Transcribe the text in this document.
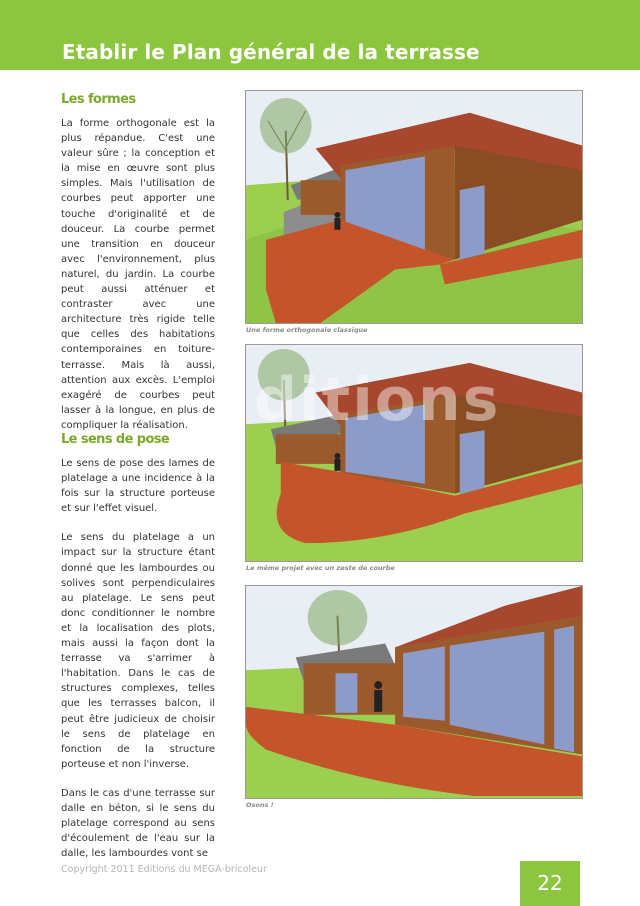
Etablir le Plan général de la terrasse
Les formes

La forme orthogonale est la plus répandue. C'est une valeur sûre ; la conception et la mise en œuvre sont plus simples. Mais l'utilisation de courbes peut apporter une touche d'originalité et de douceur. La courbe permet une transition en douceur avec l'environnement, plus naturel, du jardin. La courbe peut aussi atténuer et contraster avec une architecture très rigide telle que celles des habitations contemporaines en toiture-terrasse. Mais là aussi, attention aux excès. L'emploi exagéré de courbes peut lasser à la longue, en plus de compliquer la réalisation.

Le sens de pose

Le sens de pose des lames de platelage a une incidence à la fois sur la structure porteuse et sur l'effet visuel.

Le sens du platelage a un impact sur la structure étant donné que les lambourdes ou solives sont perpendiculaires au platelage. Le sens peut donc conditionner le nombre et la localisation des plots, mais aussi la façon dont la terrasse va s'arrimer à l'habitation. Dans le cas de structures complexes, telles que les terrasses balcon, il peut être judicieux de choisir le sens de platelage en fonction de la structure porteuse et non l'inverse.

Dans le cas d'une terrasse sur dalle en béton, si le sens du platelage correspond au sens d'écoulement de l'eau sur la dalle, les lambourdes vont se

Une forme orthogonale classique
Le même projet avec un zeste de courbe
Osons !
ditions
Copyright 2011 Editions du MEGA-bricoleur
22
